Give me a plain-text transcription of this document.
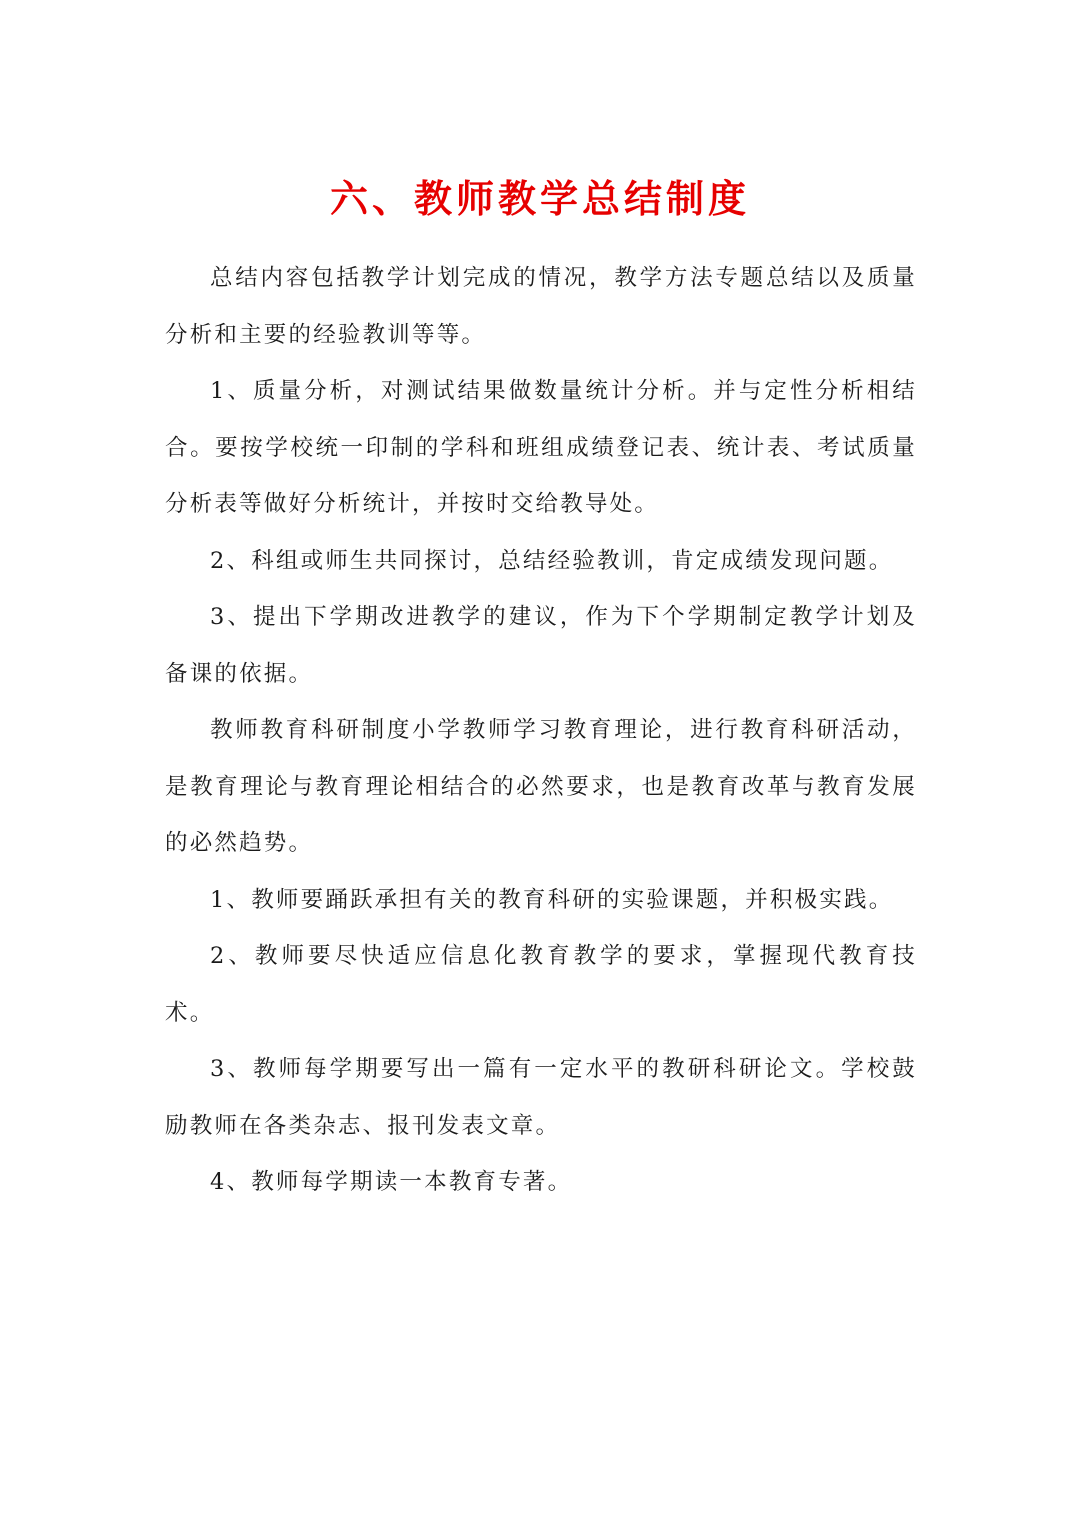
六、教师教学总结制度

总结内容包括教学计划完成的情况，教学方法专题总结以及质量分析和主要的经验教训等等。

1、质量分析，对测试结果做数量统计分析。并与定性分析相结合。要按学校统一印制的学科和班组成绩登记表、统计表、考试质量分析表等做好分析统计，并按时交给教导处。

2、科组或师生共同探讨，总结经验教训，肯定成绩发现问题。

3、提出下学期改进教学的建议，作为下个学期制定教学计划及备课的依据。

教师教育科研制度小学教师学习教育理论，进行教育科研活动，是教育理论与教育理论相结合的必然要求，也是教育改革与教育发展的必然趋势。

1、教师要踊跃承担有关的教育科研的实验课题，并积极实践。

2、教师要尽快适应信息化教育教学的要求，掌握现代教育技术。

3、教师每学期要写出一篇有一定水平的教研科研论文。学校鼓励教师在各类杂志、报刊发表文章。

4、教师每学期读一本教育专著。
